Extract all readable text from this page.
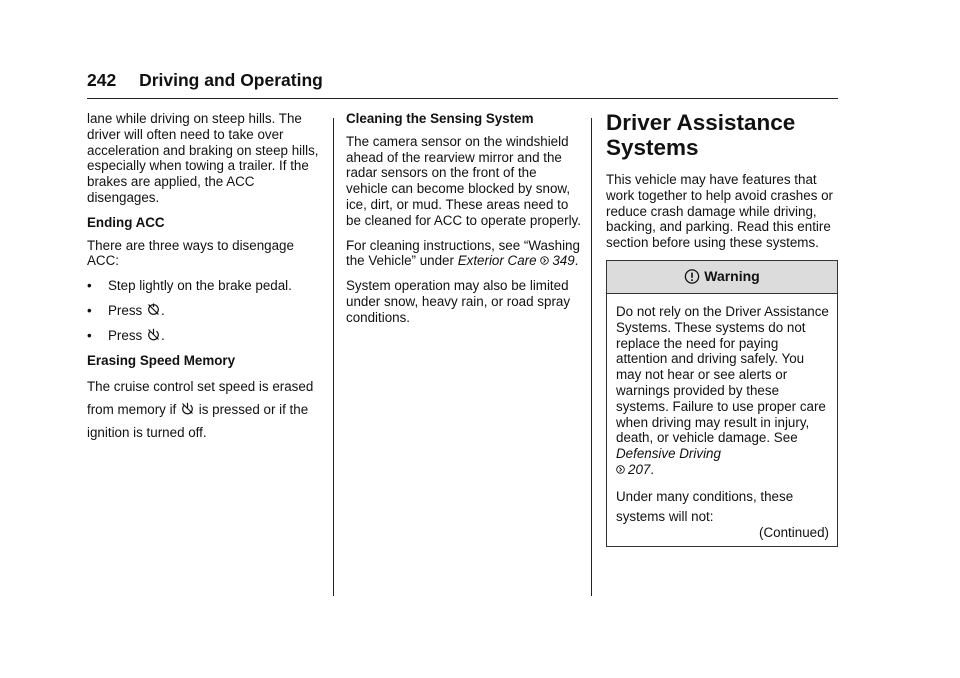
242 Driving and Operating

lane while driving on steep hills. The driver will often need to take over acceleration and braking on steep hills, especially when towing a trailer. If the brakes are applied, the ACC disengages.

Ending ACC

There are three ways to disengage ACC:

•	Step lightly on the brake pedal.
•	Press .
•	Press .

Erasing Speed Memory

The cruise control set speed is erased from memory if is pressed or if the ignition is turned off.

Cleaning the Sensing System

The camera sensor on the windshield ahead of the rearview mirror and the radar sensors on the front of the vehicle can become blocked by snow, ice, dirt, or mud. These areas need to be cleaned for ACC to operate properly.

For cleaning instructions, see “Washing the Vehicle” under Exterior Care 349.

System operation may also be limited under snow, heavy rain, or road spray conditions.

Driver Assistance Systems

This vehicle may have features that work together to help avoid crashes or reduce crash damage while driving, backing, and parking. Read this entire section before using these systems.

Warning

Do not rely on the Driver Assistance Systems. These systems do not replace the need for paying attention and driving safely. You may not hear or see alerts or warnings provided by these systems. Failure to use proper care when driving may result in injury, death, or vehicle damage. See Defensive Driving
207.

Under many conditions, these systems will not:

(Continued)
